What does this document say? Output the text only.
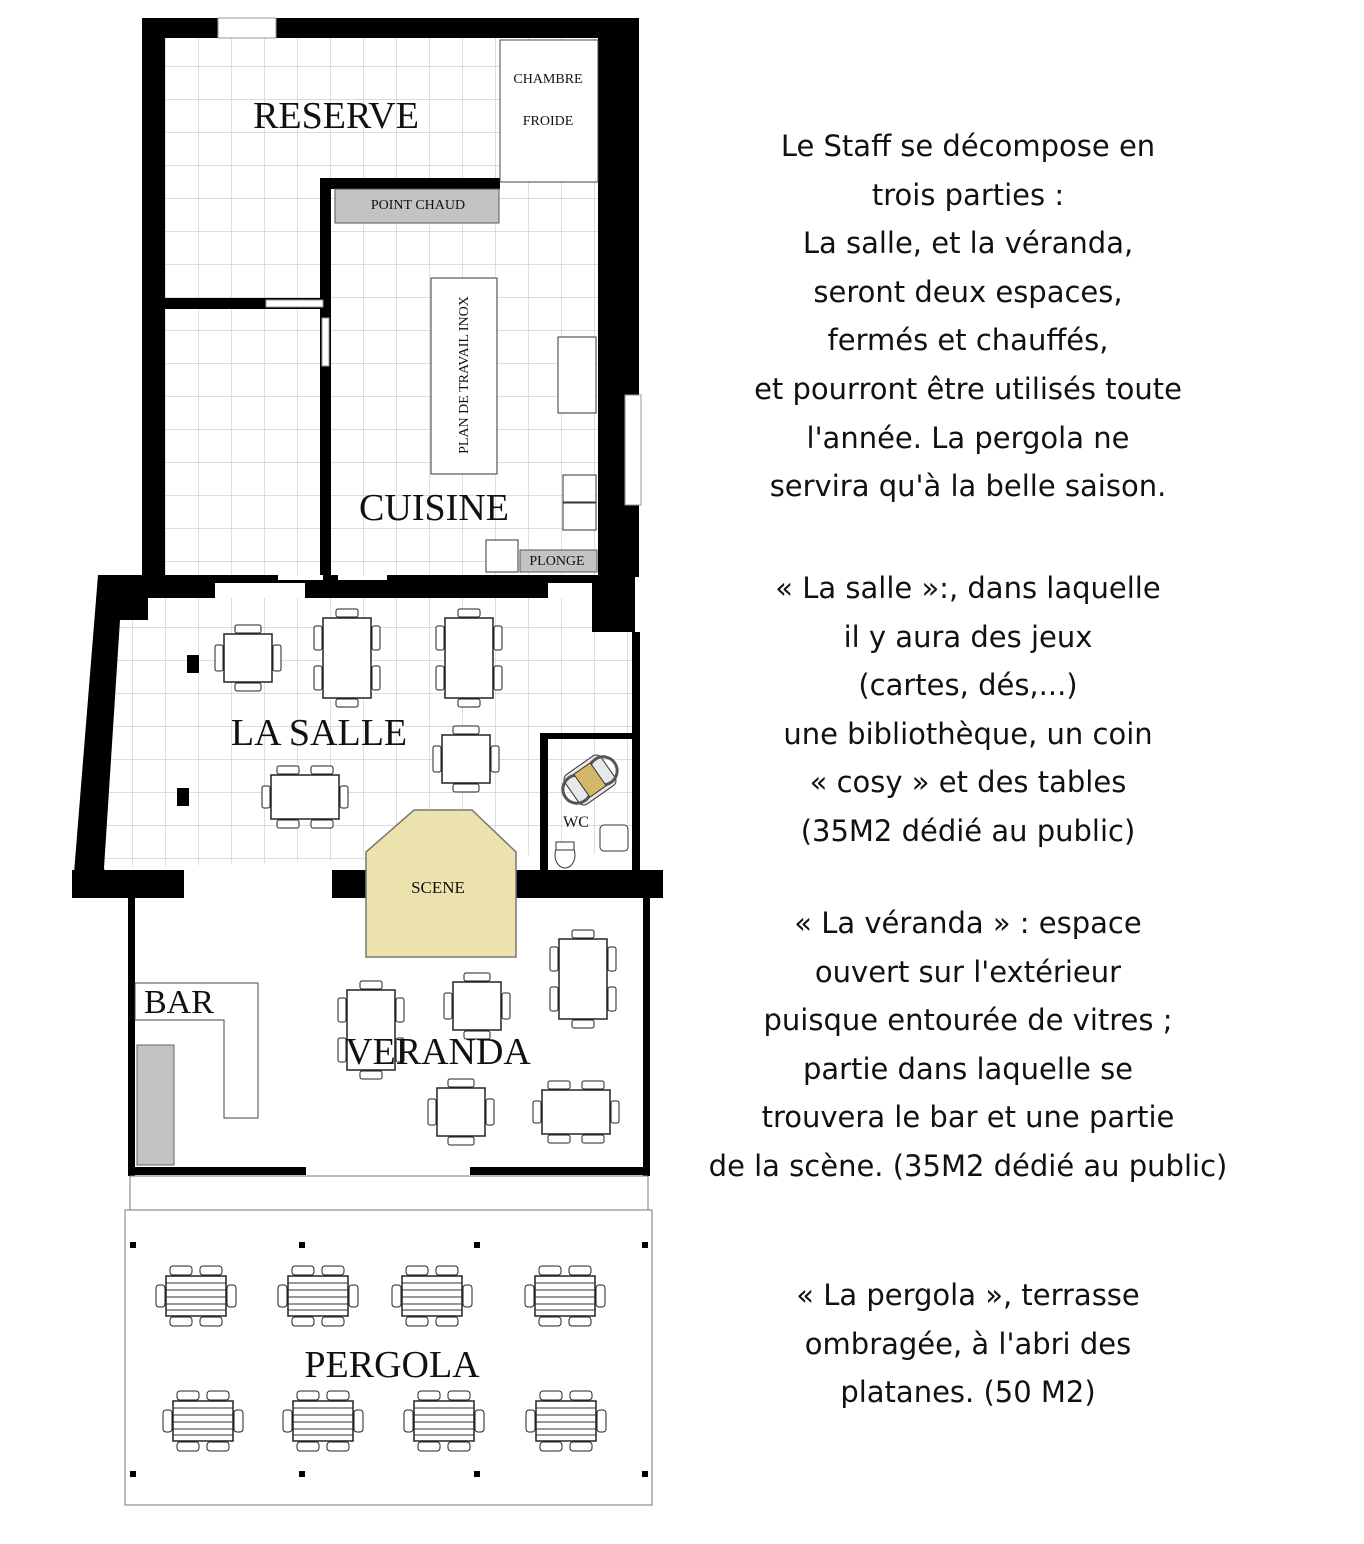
RESERVE
CHAMBRE
FROIDE
POINT CHAUD
PLAN DE TRAVAIL INOX
CUISINE
PLONGE
LA SALLE
WC
SCENE
BAR
VERANDA
PERGOLA

Le Staff se décompose en
trois parties :
La salle, et la véranda,
seront deux espaces,
fermés et chauffés,
et pourront être utilisés toute
l'année. La pergola ne
servira qu'à la belle saison.

« La salle »:, dans laquelle
il y aura des jeux
(cartes, dés,...)
une bibliothèque, un coin
« cosy » et des tables
(35M2 dédié au public)

« La véranda » : espace
ouvert sur l'extérieur
puisque entourée de vitres ;
partie dans laquelle se
trouvera le bar et une partie
de la scène. (35M2 dédié au public)

« La pergola », terrasse
ombragée, à l'abri des
platanes. (50 M2)
